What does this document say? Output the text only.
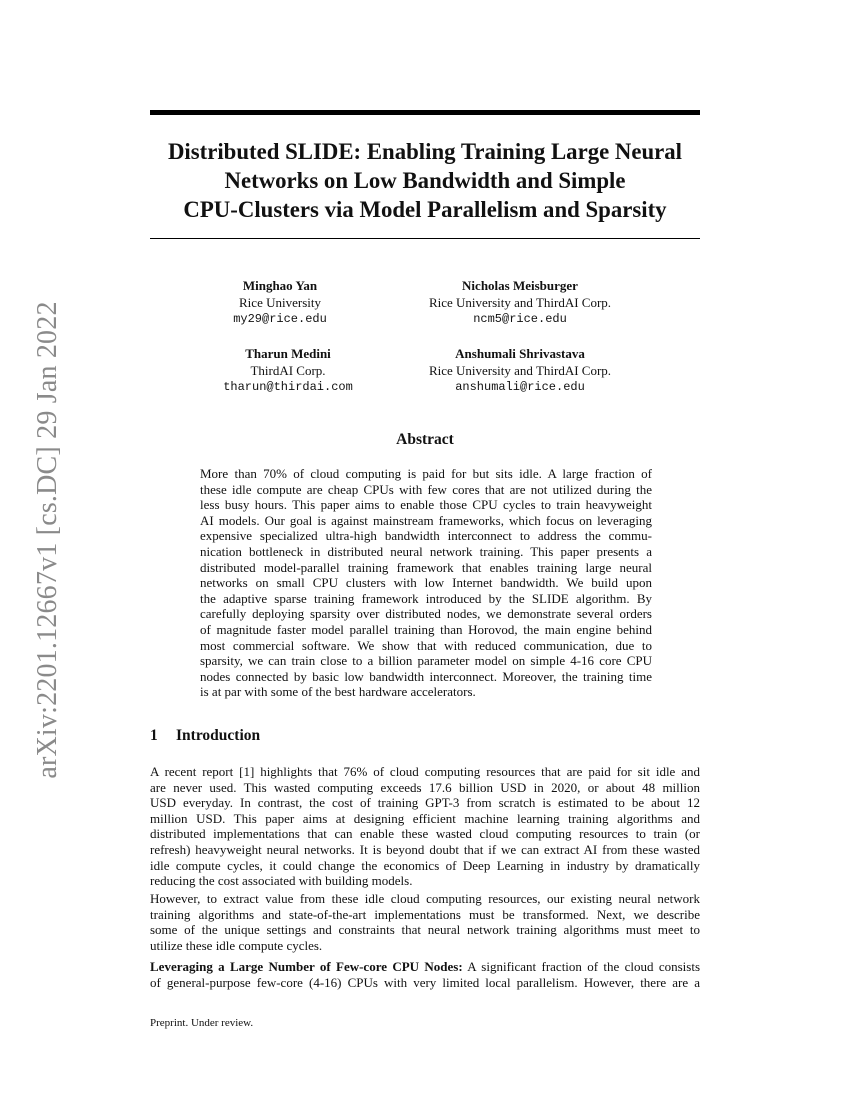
arXiv:2201.12667v1 [cs.DC] 29 Jan 2022
Distributed SLIDE: Enabling Training Large Neural
Networks on Low Bandwidth and Simple
CPU-Clusters via Model Parallelism and Sparsity
Minghao Yan
Rice University
my29@rice.edu
Nicholas Meisburger
Rice University and ThirdAI Corp.
ncm5@rice.edu
Tharun Medini
ThirdAI Corp.
tharun@thirdai.com
Anshumali Shrivastava
Rice University and ThirdAI Corp.
anshumali@rice.edu
Abstract
More than 70% of cloud computing is paid for but sits idle. A large fraction of
these idle compute are cheap CPUs with few cores that are not utilized during the
less busy hours. This paper aims to enable those CPU cycles to train heavyweight
AI models. Our goal is against mainstream frameworks, which focus on leveraging
expensive specialized ultra-high bandwidth interconnect to address the commu-
nication bottleneck in distributed neural network training. This paper presents a
distributed model-parallel training framework that enables training large neural
networks on small CPU clusters with low Internet bandwidth. We build upon
the adaptive sparse training framework introduced by the SLIDE algorithm. By
carefully deploying sparsity over distributed nodes, we demonstrate several orders
of magnitude faster model parallel training than Horovod, the main engine behind
most commercial software. We show that with reduced communication, due to
sparsity, we can train close to a billion parameter model on simple 4-16 core CPU
nodes connected by basic low bandwidth interconnect. Moreover, the training time
is at par with some of the best hardware accelerators.
1 Introduction
A recent report [1] highlights that 76% of cloud computing resources that are paid for sit idle and
are never used. This wasted computing exceeds 17.6 billion USD in 2020, or about 48 million
USD everyday. In contrast, the cost of training GPT-3 from scratch is estimated to be about 12
million USD. This paper aims at designing efficient machine learning training algorithms and
distributed implementations that can enable these wasted cloud computing resources to train (or
refresh) heavyweight neural networks. It is beyond doubt that if we can extract AI from these wasted
idle compute cycles, it could change the economics of Deep Learning in industry by dramatically
reducing the cost associated with building models.
However, to extract value from these idle cloud computing resources, our existing neural network
training algorithms and state-of-the-art implementations must be transformed. Next, we describe
some of the unique settings and constraints that neural network training algorithms must meet to
utilize these idle compute cycles.
Leveraging a Large Number of Few-core CPU Nodes: A significant fraction of the cloud consists
of general-purpose few-core (4-16) CPUs with very limited local parallelism. However, there are a

Preprint. Under review.
